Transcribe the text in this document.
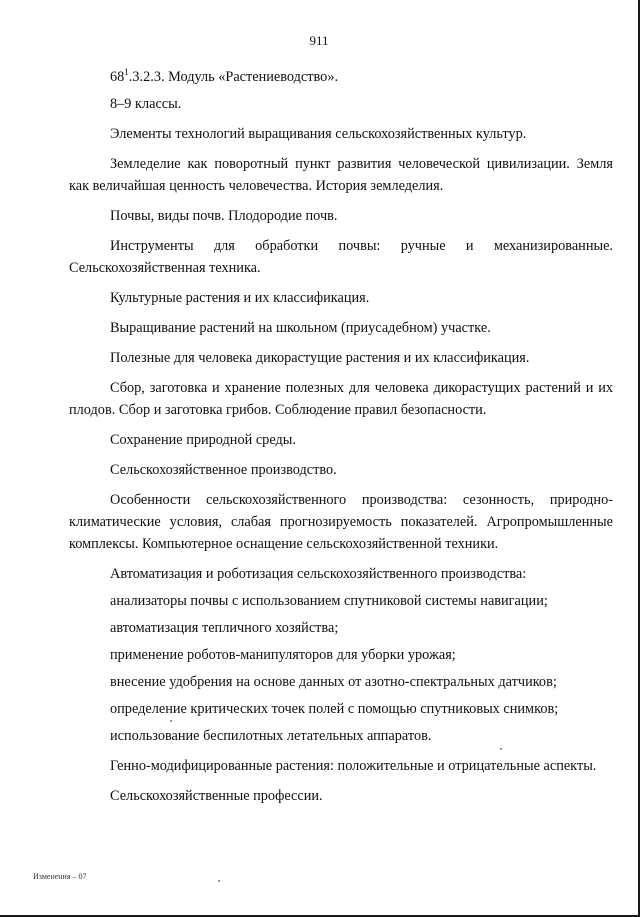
911

$68^1.3.2.3$. Модуль «Растениеводство».

8–9 классы.

Элементы технологий выращивания сельскохозяйственных культур.

Земледелие как поворотный пункт развития человеческой цивилизации. Земля как величайшая ценность человечества. История земледелия.

Почвы, виды почв. Плодородие почв.

Инструменты для обработки почвы: ручные и механизированные. Сельскохозяйственная техника.

Культурные растения и их классификация.

Выращивание растений на школьном (приусадебном) участке.

Полезные для человека дикорастущие растения и их классификация.

Сбор, заготовка и хранение полезных для человека дикорастущих растений и их плодов. Сбор и заготовка грибов. Соблюдение правил безопасности.

Сохранение природной среды.

Сельскохозяйственное производство.

Особенности сельскохозяйственного производства: сезонность, природно-климатические условия, слабая прогнозируемость показателей. Агропромышленные комплексы. Компьютерное оснащение сельскохозяйственной техники.

Автоматизация и роботизация сельскохозяйственного производства:

анализаторы почвы с использованием спутниковой системы навигации;

автоматизация тепличного хозяйства;

применение роботов-манипуляторов для уборки урожая;

внесение удобрения на основе данных от азотно-спектральных датчиков;

определение критических точек полей с помощью спутниковых снимков;

использование беспилотных летательных аппаратов.

Генно-модифицированные растения: положительные и отрицательные аспекты.

Сельскохозяйственные профессии.

Изменения – 07
